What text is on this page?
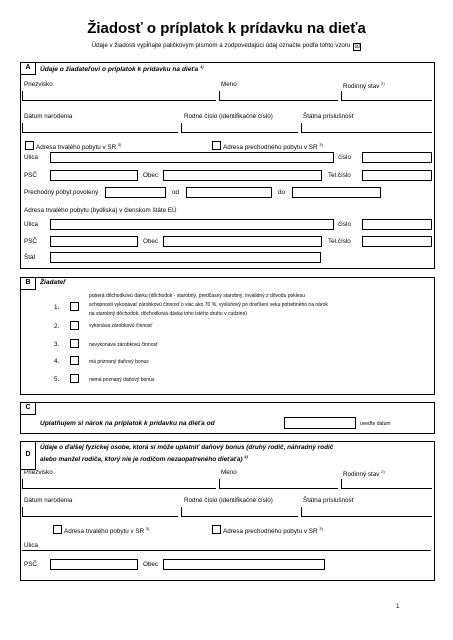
Žiadosť o príplatok k prídavku na dieťa
Údaje v žiadosti vypĺňajte paličkovým písmom a zodpovedajúci údaj označte podľa tohto vzoru ☒
A	Údaje o žiadateľovi o príplatok k prídavku na dieťa $^{1)}$
Priezvisko	Meno	Rodinný stav $^{2)}$
Dátum narodenia	Rodné číslo (identifikačné číslo)	Štátna príslušnosť
Adresa trvalého pobytu v SR $^{3)}$	Adresa prechodného pobytu v SR $^{3)}$
Ulica	číslo
PSČ	Obec	Tel.číslo
Prechodný pobyt povolený	od	do
Adresa trvalého pobytu (bydliska) v členskom štáte EÚ
Ulica	číslo
PSČ	Obec	Tel.číslo
Štát
B	Žiadateľ
1.
poberá dôchodkovú dávku (dôchodok - starobný, predčasný starobný, invalidný z dôvodu poklesu
schopnosti vykonávať zárobkovú činnosť o viac ako 70 %, výsluhový po dovŕšení veku potrebného na nárok
na starobný dôchodok, dôchodková dávka toho istého druhu v cudzine)
2.	vykonáva zárobkovú činnosť
3.	nevykonáva zárobkovú činnosť
4.	má priznaný daňový bonus
5.	nemá priznaný daňový bonus
C
Uplatňujem si nárok na príplatok k prídavku na dieťa od	uveďte dátum
D
Údaje o ďalšej fyzickej osobe, ktorá si môže uplatniť daňový bonus (druhý rodič, náhradný rodič
alebo manžel rodiča, ktorý nie je rodičom nezaopatreného dieťaťa) $^{4)}$
Priezvisko	Meno	Rodinný stav $^{2)}$
Dátum narodenia	Rodné číslo (identifikačné číslo)	Štátna príslušnosť
Adresa trvalého pobytu v SR $^{3)}$	Adresa prechodného pobytu v SR $^{3)}$
Ulica
PSČ	Obec
1
